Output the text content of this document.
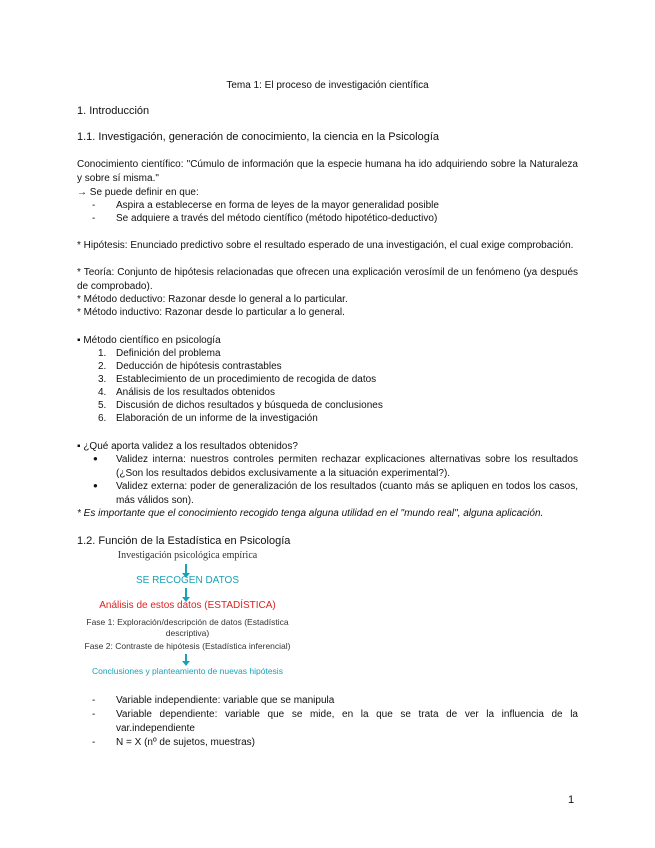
Tema 1: El proceso de investigación científica
1. Introducción
1.1. Investigación, generación de conocimiento, la ciencia en la Psicología
Conocimiento científico: "Cúmulo de información que la especie humana ha ido adquiriendo sobre la Naturaleza y sobre sí misma."
→ Se puede definir en que:
- Aspira a establecerse en forma de leyes de la mayor generalidad posible
- Se adquiere a través del método científico (método hipotético-deductivo)
* Hipótesis: Enunciado predictivo sobre el resultado esperado de una investigación, el cual exige comprobación.
* Teoría: Conjunto de hipótesis relacionadas que ofrecen una explicación verosímil de un fenómeno (ya después de comprobado).
* Método deductivo: Razonar desde lo general a lo particular.
* Método inductivo: Razonar desde lo particular a lo general.
▪ Método científico en psicología
1. Definición del problema
2. Deducción de hipótesis contrastables
3. Establecimiento de un procedimiento de recogida de datos
4. Análisis de los resultados obtenidos
5. Discusión de dichos resultados y búsqueda de conclusiones
6. Elaboración de un informe de la investigación
▪ ¿Qué aporta validez a los resultados obtenidos?
● Validez interna: nuestros controles permiten rechazar explicaciones alternativas sobre los resultados (¿Son los resultados debidos exclusivamente a la situación experimental?).
● Validez externa: poder de generalización de los resultados (cuanto más se apliquen en todos los casos, más válidos son).
* Es importante que el conocimiento recogido tenga alguna utilidad en el "mundo real", alguna aplicación.
1.2. Función de la Estadística en Psicología
Investigación psicológica empírica
SE RECOGEN DATOS
Análisis de estos datos (ESTADÍSTICA)
Fase 1: Exploración/descripción de datos (Estadística
descriptiva)
Fase 2: Contraste de hipótesis (Estadística inferencial)
Conclusiones y planteamiento de nuevas hipótesis
- Variable independiente: variable que se manipula
- Variable dependiente: variable que se mide, en la que se trata de ver la influencia de la var.independiente
- N = X (nº de sujetos, muestras)
1
